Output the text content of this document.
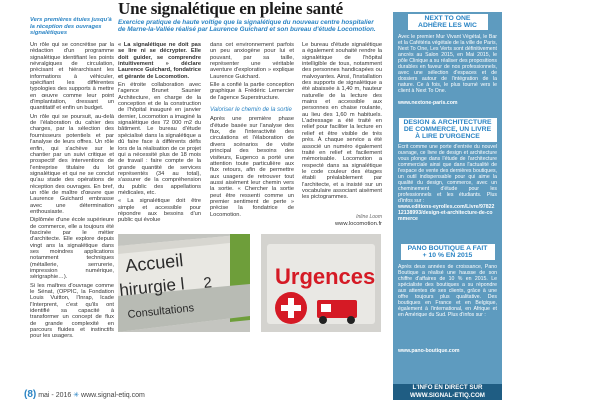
Une signalétique en pleine santé
Vers premières étuies jusqu'à la réception des ouvrages signalétiques
Exercice pratique de haute voltige que la signalétique du nouveau centre hospitalier de Marne-la-Vallée réalisé par Laurence Guichard et son bureau d'étude Locomotion.

Un rôle qui se concrétise par la rédaction d'un programme signalétique identifiant les points névralgiques de circulation, précisant et hiérarchisant les informations à véhiculer, spécifiant les différentes typologies des supports à mettre en œuvre comme leur point d'implantation, dressant un quantitatif et enfin un budget.

Un rôle qui se poursuit, au-delà de l'élaboration du cahier des charges, par la sélection des fournisseurs potentiels et par l'analyse de leurs offres. Un rôle enfin, qui s'achève sur le chantier par un suivi critique et prospectif des interventions de l'entreprise titulaire du lot signalétique et qui ne se conclut qu'au stade des opérations de réception des ouvrages. En bref, un rôle de maître d'œuvre que Laurence Guichard embrasse avec une détermination enthousiaste.

Diplômée d'une école supérieure de commerce, elle a toujours été fascinée par le métier d'architecte. Elle explore depuis vingt ans la signalétique dans ses moindres applications notamment techniques (métallerie, serrurerie, impression numérique, sérigraphie…).

Si les maîtres d'ouvrage comme le Sénat, (OPPIC, la Fondation Louis Vuitton, l'Inrap, Icade l'Interprent, c'est qu'ils ont identifié sa capacité à transformer un concept de flux de grande complexité en parcours fluides et instinctifs pour les usagers.

« La signalétique ne doit pas se lire ni se décrypter. Elle doit guider, se comprendre intuitivement » déclare Laurence Guichard, fondatrice et gérante de Locomotion.

En étroite collaboration avec l'agence Brunet Saunier Architecture, en charge de la conception et de la construction de l'hôpital inauguré en janvier dernier, Locomotion a imaginé la signalétique des 72 000 m2 du bâtiment. Le bureau d'étude spécialisé dans la signalétique a dû faire face à différents défis lors de la réalisation de ce projet qui a nécessité plus de 18 mois de travail : faire compte de la grande quantité de services représentés (34 au total), s'assurer de la compréhension du public des appellations médicales, etc.

« La signalétique doit être simple et accessible pour répondre aux besoins d'un public qui évolue

dans cet environnement parfois un peu anxiogène pour lui et pouvant, par sa taille, représenter une véritable aventure d'exploration » explique Laurence Guichard.

Elle a confié la partie conception graphique à Frédéric Lemercier de l'agence Superstructure.

Valoriser le chemin de la sortie

Après une première phase d'étude basée sur l'analyse des flux, de l'interactivité des circulations et l'élaboration de divers scénarios de visite principal des besoins des visiteurs, Eugenco a porté une attention toute particulière aux flux retours, afin de permettre aux usagers de retrouver tout aussi aisément leur chemin vers la sortie. « Chercher la sortie peut être ressenti comme un premier sentiment de perte » précise la fondatrice de Locomotion.

Le bureau d'étude signalétique a également souhaité rendre la signalétique de l'hôpital intelligible de tous, notamment des personnes handicapées ou malvoyantes. Ainsi, l'installation des supports de signalétique a été abaissée à 1,40 m, hauteur naturelle de la lecture des mains et accessible aux personnes en chaise roulante, au lieu des 1,60 m habituels. L'adressage a été traité en relief pour faciliter la lecture en relief et être visible de trés près. À chaque service a été associé un numéro également traité en relief et facilement mémorisable. Locomotion a respecté dans sa signalétique le code couleur des étages établi préalablement par l'architecte, et a insisté sur un vocabulaire associant aisément les pictogrammes.

Inline Loom
www.locomotion.fr
Accueil
hirurgie l 2
Consultations
Urgences
NEXT TO ONE
ADHÈRE LES WIC
Avec le premier Mur Vivant Végétal, le Bar et la Cafétéria végétale de la ville de Paris, Next To One, Les Verts sont définitivement ancrés au Salon 2015, en Mai 2015, le pôle Clinique a su réaliser des propositions durables en faveur de nos professionnels, avec une sélection d'espaces et de dossiers autour de l'intégration de la nature. Ce à fois, le plus tourné vers le client à Next To One.
www.nextone-paris.com
DESIGN & ARCHITECTURE
DE COMMERCE, UN LIVRE
À LIRE D'URGENCE
Écrit comme une porte d'entrée du nouvel ouvrage, ce livre de design et architecture vous plonge dans l'étude de l'architecture commerciale ainsi que dans l'actualité de l'espace de vente des dernières boutiques, un outil indispensable pour qui aime la qualité du design, commerce, avec un cheminement d'étude pour les professionnels et les étudiants. Plus d'infos sur :
www.editions-eyrolles.com/Livre/9782212138993/design-et-architecture-de-commerce
PANO BOUTIQUE A FAIT
+ 10 % EN 2015
Après deux années de croissance, Pano Boutique a réalisé une hausse de son chiffre d'affaires de 10 % en 2015. Le spécialiste des boutiques a su répondre aux attentes de ses clients, grâce à une offre toujours plus qualitative. Des boutiques en France et en Belgique, également à l'international, en Afrique et en Amérique du Sud. Plus d'infos sur :
www.pano-boutique.com
L'INFO EN DIRECT SUR
WWW.SIGNAL-ETIQ.COM
(8) mai - 2016 ✳ www.signal-etiq.com
